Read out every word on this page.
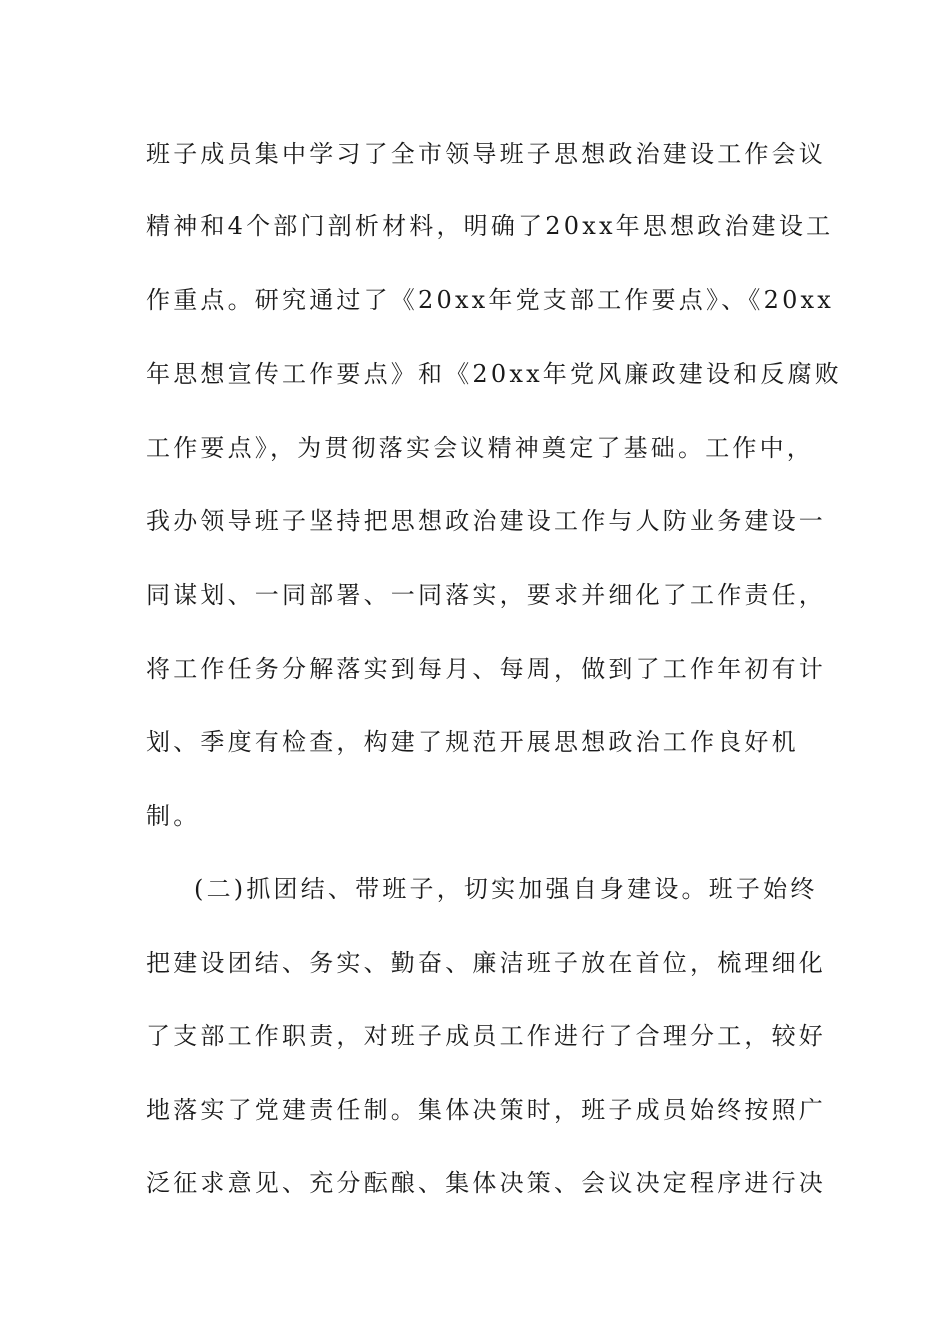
班子成员集中学习了全市领导班子思想政治建设工作会议
精神和4个部门剖析材料，明确了20xx年思想政治建设工
作重点。研究通过了《20xx年党支部工作要点》、《20xx
年思想宣传工作要点》和《20xx年党风廉政建设和反腐败
工作要点》，为贯彻落实会议精神奠定了基础。工作中，
我办领导班子坚持把思想政治建设工作与人防业务建设一
同谋划、一同部署、一同落实，要求并细化了工作责任，
将工作任务分解落实到每月、每周，做到了工作年初有计
划、季度有检查，构建了规范开展思想政治工作良好机
制。
(二)抓团结、带班子，切实加强自身建设。班子始终
把建设团结、务实、勤奋、廉洁班子放在首位，梳理细化
了支部工作职责，对班子成员工作进行了合理分工，较好
地落实了党建责任制。集体决策时，班子成员始终按照广
泛征求意见、充分酝酿、集体决策、会议决定程序进行决
